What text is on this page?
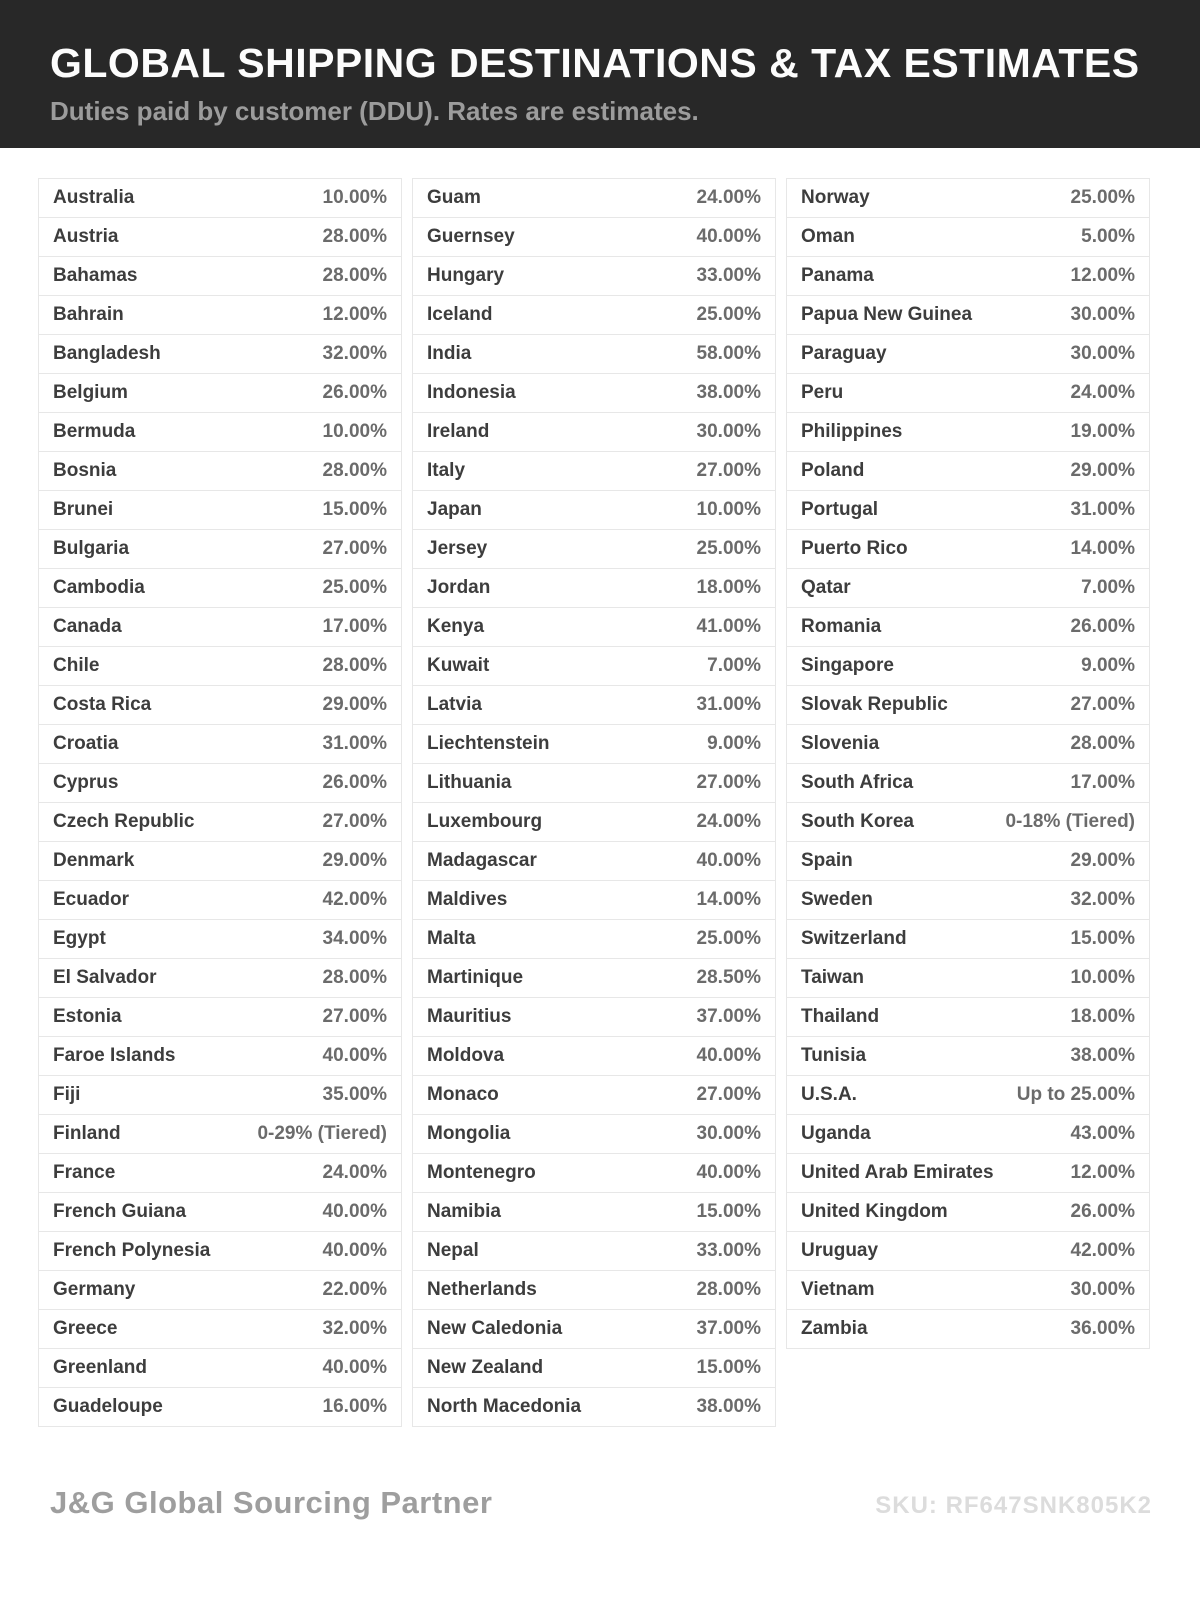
GLOBAL SHIPPING DESTINATIONS & TAX ESTIMATES
Duties paid by customer (DDU). Rates are estimates.
Australia	10.00%
Austria	28.00%
Bahamas	28.00%
Bahrain	12.00%
Bangladesh	32.00%
Belgium	26.00%
Bermuda	10.00%
Bosnia	28.00%
Brunei	15.00%
Bulgaria	27.00%
Cambodia	25.00%
Canada	17.00%
Chile	28.00%
Costa Rica	29.00%
Croatia	31.00%
Cyprus	26.00%
Czech Republic	27.00%
Denmark	29.00%
Ecuador	42.00%
Egypt	34.00%
El Salvador	28.00%
Estonia	27.00%
Faroe Islands	40.00%
Fiji	35.00%
Finland	0-29% (Tiered)
France	24.00%
French Guiana	40.00%
French Polynesia	40.00%
Germany	22.00%
Greece	32.00%
Greenland	40.00%
Guadeloupe	16.00%
Guam	24.00%
Guernsey	40.00%
Hungary	33.00%
Iceland	25.00%
India	58.00%
Indonesia	38.00%
Ireland	30.00%
Italy	27.00%
Japan	10.00%
Jersey	25.00%
Jordan	18.00%
Kenya	41.00%
Kuwait	7.00%
Latvia	31.00%
Liechtenstein	9.00%
Lithuania	27.00%
Luxembourg	24.00%
Madagascar	40.00%
Maldives	14.00%
Malta	25.00%
Martinique	28.50%
Mauritius	37.00%
Moldova	40.00%
Monaco	27.00%
Mongolia	30.00%
Montenegro	40.00%
Namibia	15.00%
Nepal	33.00%
Netherlands	28.00%
New Caledonia	37.00%
New Zealand	15.00%
North Macedonia	38.00%
Norway	25.00%
Oman	5.00%
Panama	12.00%
Papua New Guinea	30.00%
Paraguay	30.00%
Peru	24.00%
Philippines	19.00%
Poland	29.00%
Portugal	31.00%
Puerto Rico	14.00%
Qatar	7.00%
Romania	26.00%
Singapore	9.00%
Slovak Republic	27.00%
Slovenia	28.00%
South Africa	17.00%
South Korea	0-18% (Tiered)
Spain	29.00%
Sweden	32.00%
Switzerland	15.00%
Taiwan	10.00%
Thailand	18.00%
Tunisia	38.00%
U.S.A.	Up to 25.00%
Uganda	43.00%
United Arab Emirates	12.00%
United Kingdom	26.00%
Uruguay	42.00%
Vietnam	30.00%
Zambia	36.00%
J&G Global Sourcing Partner	SKU: RF647SNK805K2
